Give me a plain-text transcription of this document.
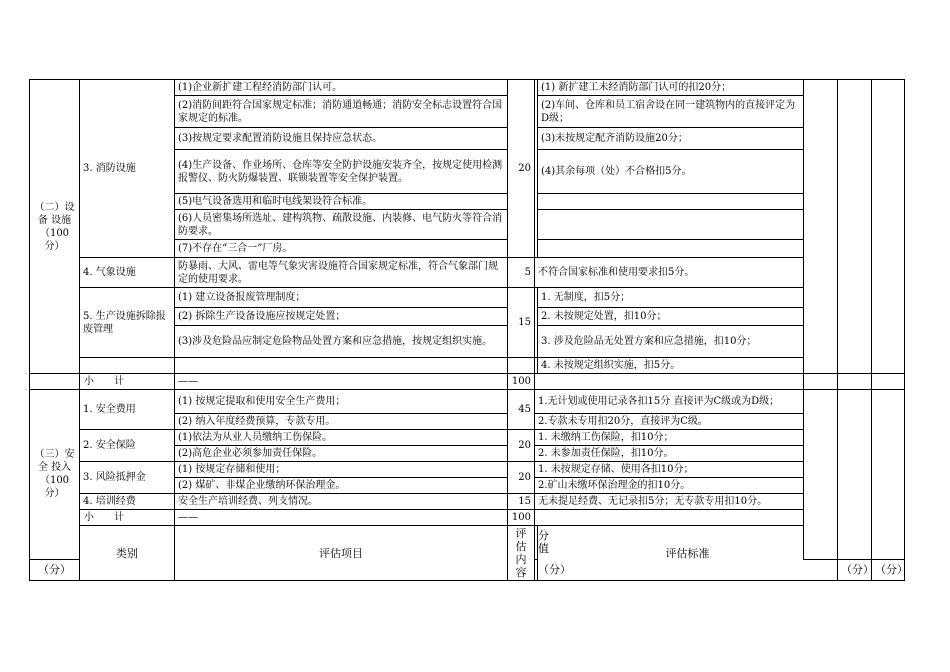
（二）设备 设施（100分）	3. 消防设施	(1)企业新扩建工程经消防部门认可。	20		(1) 新扩建工未经消防部门认可的扣20分；				
		(2)消防间距符合国家规定标准；消防通道畅通；消防安全标志设置符合国家规定的标准。			(2)车间、仓库和员工宿舍设在同一建筑物内的直接评定为D级；				
		(3)按规定要求配置消防设施且保持应急状态。			(3)未按规定配齐消防设施20分；				
		(4)生产设备、作业场所、仓库等安全防护设施安装齐全，按规定使用检测报警仪、防火防爆装置、联锁装置等安全保护装置。			(4)其余每项（处）不合格扣5分。				
		(5)电气设备选用和临时电线架设符合标准。							
		(6)人员密集场所选址、建构筑物、疏散设施、内装修、电气防火等符合消防要求。							
		(7)不存在“三合一”厂房。							
	4. 气象设施	防暴雨、大风、雷电等气象灾害设施符合国家规定标准，符合气象部门规定的使用要求。	5	不符合国家标准和使用要求扣5分。					
	5. 生产设施拆除报废管理	(1) 建立设备报废管理制度；	15		1. 无制度，扣5分；				
		(2) 拆除生产设备设施应按规定处置；			2. 未按规定处置，扣10分；				
		(3)涉及危险品应制定危险物品处置方案和应急措施，按规定组织实施。			3. 涉及危险品无处置方案和应急措施，扣10分；				
					4. 未按规定组织实施，扣5分。				
	小　　计	——	100						
（三）安全 投入（100分）	1. 安全费用	(1) 按规定提取和使用安全生产费用；	45	1.无计划或使用记录各扣15分 直接评为C级或为D级；					
		(2) 纳入年度经费预算，专款专用。		2.专款未专用扣20分，直接评为C级。					
	2. 安全保险	(1)依法为从业人员缴纳工伤保险。	20	1. 未缴纳工伤保险，扣10分；					
		(2)高危企业必须参加责任保险。		2. 未参加责任保险，扣10分。					
	3. 风险抵押金	(1) 按规定存储和使用；	20	1. 未按规定存储、使用各扣10分；					
		(2) 煤矿、非煤企业缴纳环保治理金。		2.矿山未缴环保治理金的扣10分。					
	4. 培训经费	安全生产培训经费、列支情况。	15	无未提足经费、无记录扣5分；无专款专用扣10分。					
	小　　计	——	100						
	类别	评估项目	评估内容	分值	评估标准			
（分）				（分）			（分）	（分）	
